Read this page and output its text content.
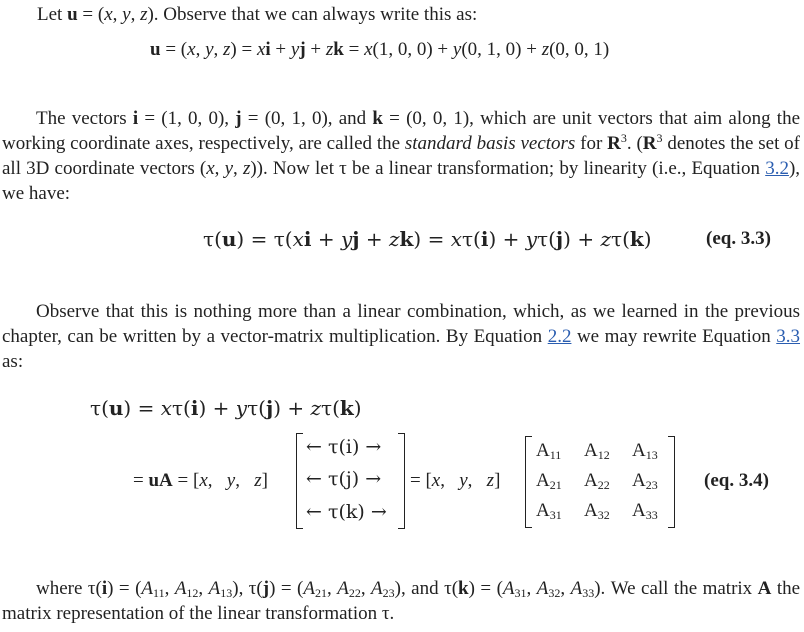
Let u = (x, y, z). Observe that we can always write this as:
u = (x, y, z) = xi + yj + zk = x(1, 0, 0) + y(0, 1, 0) + z(0, 0, 1)
The vectors i = (1, 0, 0), j = (0, 1, 0), and k = (0, 0, 1), which are unit vectors that aim along the working coordinate axes, respectively, are called the standard basis vectors for $R^3$. ($R^3$ denotes the set of all 3D coordinate vectors (x, y, z)). Now let τ be a linear transformation; by linearity (i.e., Equation 3.2), we have:
τ(u) = τ(xi + yj + zk) = xτ(i) + yτ(j) + zτ(k)	(eq. 3.3)
Observe that this is nothing more than a linear combination, which, as we learned in the previous chapter, can be written by a vector-matrix multiplication. By Equation 2.2 we may rewrite Equation 3.3 as:
τ(u) = xτ(i) + yτ(j) + zτ(k)
= uA = [x,   y,   z]
← τ(i) →
← τ(j) →
← τ(k) →
= [x,   y,   z]
$A_{11}$ $A_{12}$ $A_{13}$
$A_{21}$ $A_{22}$ $A_{23}$
$A_{31}$ $A_{32}$ $A_{33}$
(eq. 3.4)
where $\tau(i) = (A_{11}$, $A_{12}$, $A_{13}$), $\tau(j) = (A_{21}$, $A_{22}$, $A_{23}$), and $\tau(k) = (A_{31}$, $A_{32}$, $A_{33}$). We call the matrix A the matrix representation of the linear transformation τ.
